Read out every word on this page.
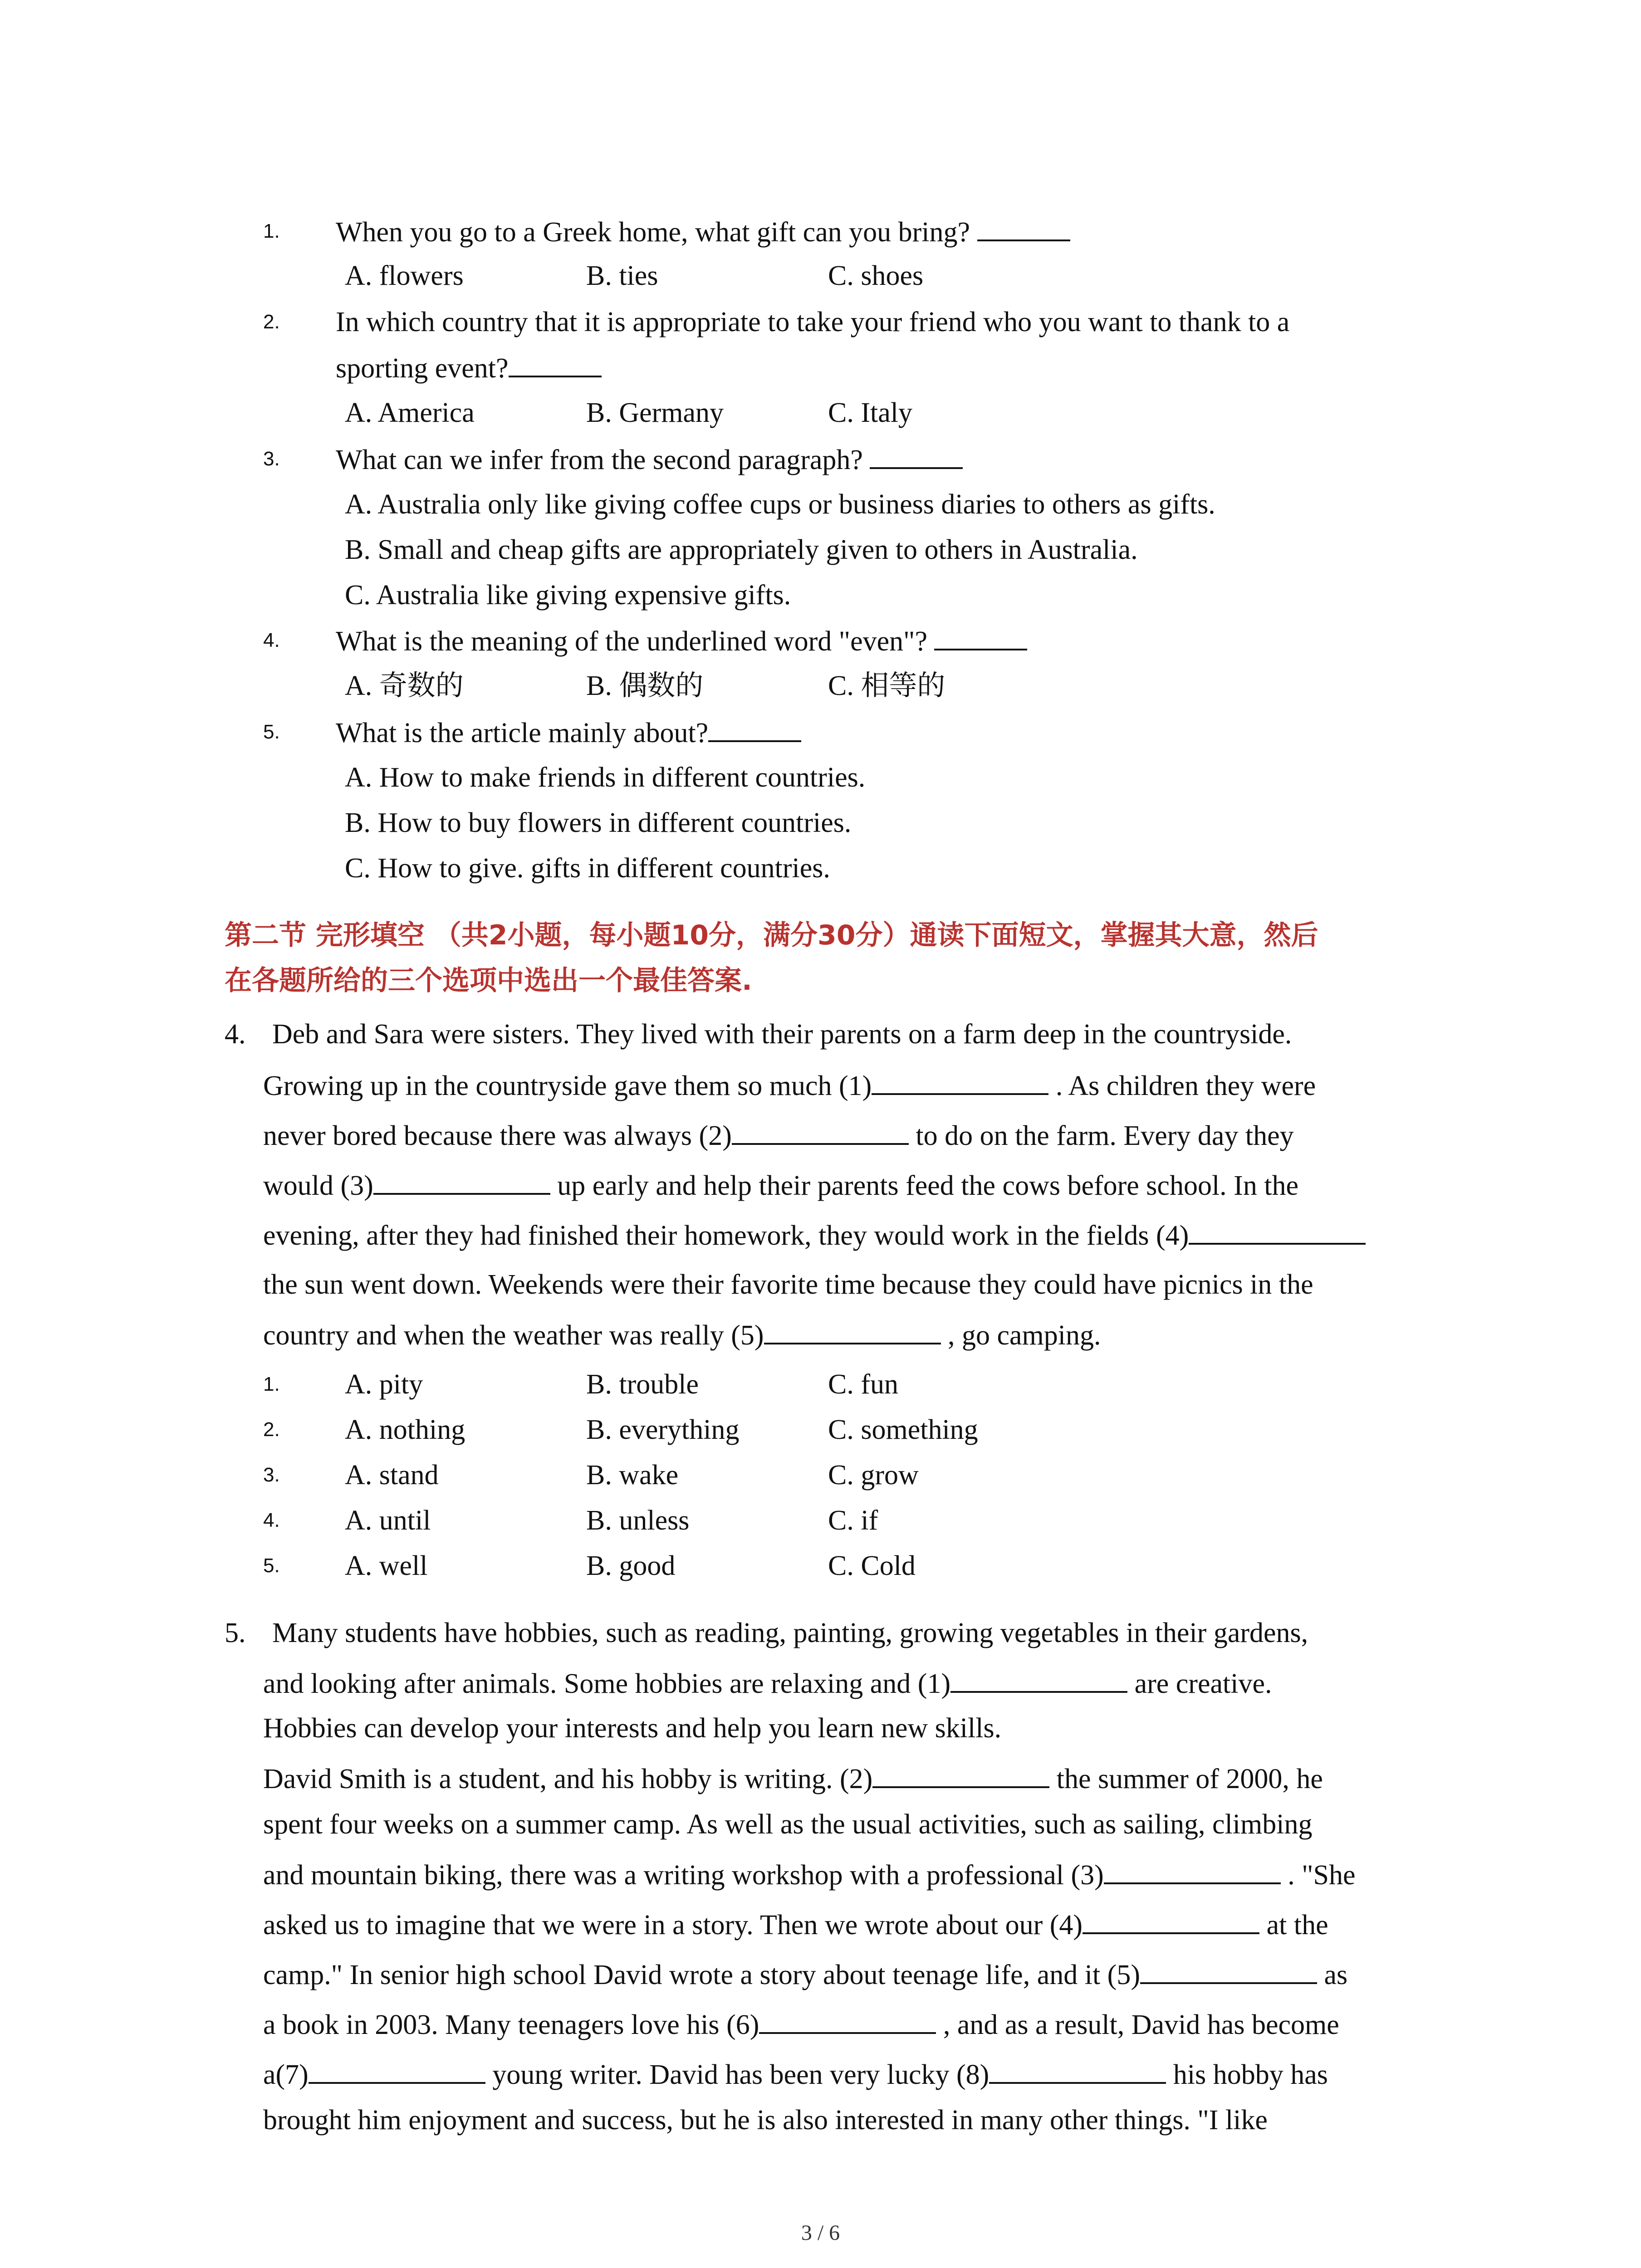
1. When you go to a Greek home, what gift can you bring?
A. flowers	B. ties	C. shoes
2. In which country that it is appropriate to take your friend who you want to thank to a
sporting event?
A. America	B. Germany	C. Italy
3. What can we infer from the second paragraph?
A. Australia only like giving coffee cups or business diaries to others as gifts.
B. Small and cheap gifts are appropriately given to others in Australia.
C. Australia like giving expensive gifts.
4. What is the meaning of the underlined word "even"?
A. 奇数的	B. 偶数的	C. 相等的
5. What is the article mainly about?
A. How to make friends in different countries.
B. How to buy flowers in different countries.
C. How to give. gifts in different countries.
第二节 完形填空 （共2小题，每小题10分，满分30分）通读下面短文，掌握其大意，然后
在各题所给的三个选项中选出一个最佳答案.
4. Deb and Sara were sisters. They lived with their parents on a farm deep in the countryside.
Growing up in the countryside gave them so much (1)	. As children they were
never bored because there was always (2)	to do on the farm. Every day they
would (3)	up early and help their parents feed the cows before school. In the
evening, after they had finished their homework, they would work in the fields (4)
the sun went down. Weekends were their favorite time because they could have picnics in the
country and when the weather was really (5)	, go camping.
1. A. pity	B. trouble	C. fun
2. A. nothing	B. everything	C. something
3. A. stand	B. wake	C. grow
4. A. until	B. unless	C. if
5. A. well	B. good	C. Cold
5. Many students have hobbies, such as reading, painting, growing vegetables in their gardens,
and looking after animals. Some hobbies are relaxing and (1)	are creative.
Hobbies can develop your interests and help you learn new skills.
David Smith is a student, and his hobby is writing. (2)	the summer of 2000, he
spent four weeks on a summer camp. As well as the usual activities, such as sailing, climbing
and mountain biking, there was a writing workshop with a professional (3)	. "She
asked us to imagine that we were in a story. Then we wrote about our (4)	at the
camp." In senior high school David wrote a story about teenage life, and it (5)	as
a book in 2003. Many teenagers love his (6)	, and as a result, David has become
a(7)	young writer. David has been very lucky (8)	his hobby has
brought him enjoyment and success, but he is also interested in many other things. "I like
3 / 6
